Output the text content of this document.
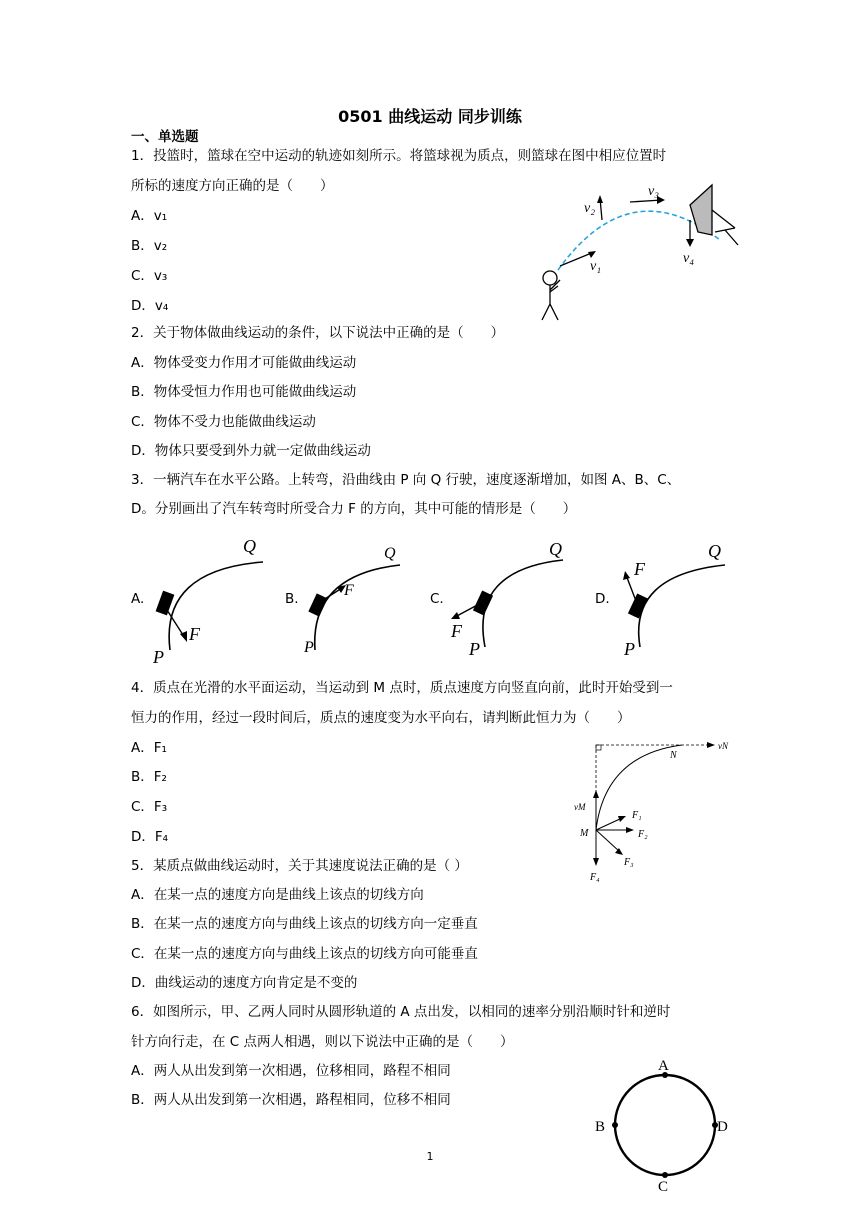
0501 曲线运动 同步训练
一、单选题
1．投篮时，篮球在空中运动的轨迹如刻所示。将篮球视为质点，则篮球在图中相应位置时
所标的速度方向正确的是（　　）
A．v₁
B．v₂
C．v₃
D．v₄
v₁
v₂
v₃
v₄
2．关于物体做曲线运动的条件，以下说法中正确的是（　　）
A．物体受变力作用才可能做曲线运动
B．物体受恒力作用也可能做曲线运动
C．物体不受力也能做曲线运动
D．物体只要受到外力就一定做曲线运动
3．一辆汽车在水平公路。上转弯，沿曲线由 P 向 Q 行驶，速度逐渐增加，如图 A、B、C、
D。分别画出了汽车转弯时所受合力 F 的方向，其中可能的情形是（　　）
A.	B.	C.	D.
F
P
Q
F
P
Q
F
P
Q
F
P
Q
4．质点在光滑的水平面运动，当运动到 M 点时，质点速度方向竖直向前，此时开始受到一
恒力的作用，经过一段时间后，质点的速度变为水平向右，请判断此恒力为（　　）
A．F₁
B．F₂
C．F₃
D．F₄
N
vN
vM
M
F₁
F₂
F₃
F₄
5．某质点做曲线运动时，关于其速度说法正确的是（ ）
A．在某一点的速度方向是曲线上该点的切线方向
B．在某一点的速度方向与曲线上该点的切线方向一定垂直
C．在某一点的速度方向与曲线上该点的切线方向可能垂直
D．曲线运动的速度方向肯定是不变的
6．如图所示，甲、乙两人同时从圆形轨道的 A 点出发，以相同的速率分别沿顺时针和逆时
针方向行走，在 C 点两人相遇，则以下说法中正确的是（　　）
A．两人从出发到第一次相遇，位移相同，路程不相同
B．两人从出发到第一次相遇，路程相同，位移不相同
A
B
C
D
1
